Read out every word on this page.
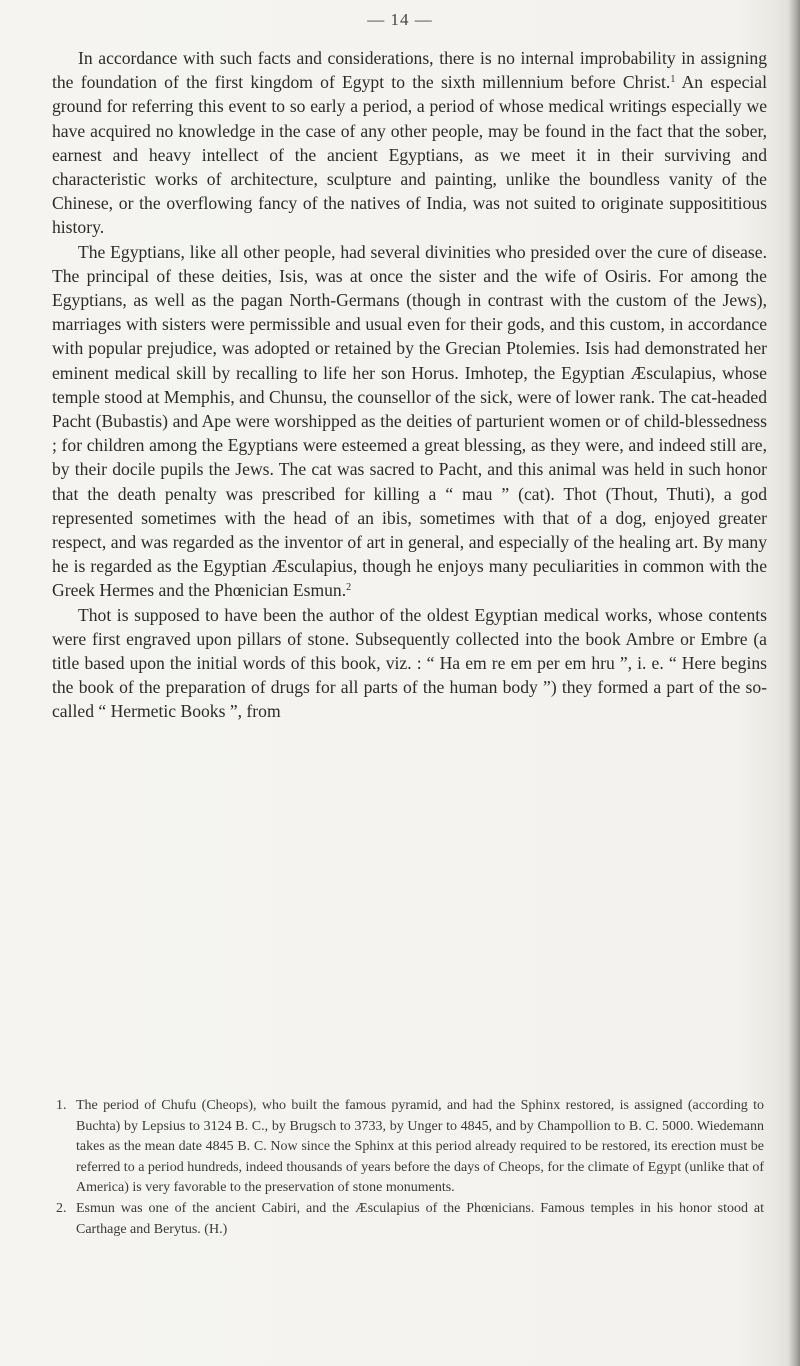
— 14 —

In accordance with such facts and considerations, there is no internal improbability in assigning the foundation of the first kingdom of Egypt to the sixth millennium before Christ.$^1$ An especial ground for referring this event to so early a period, a period of whose medical writings especially we have acquired no knowledge in the case of any other people, may be found in the fact that the sober, earnest and heavy intellect of the ancient Egyptians, as we meet it in their surviving and characteristic works of architecture, sculpture and painting, unlike the boundless vanity of the Chinese, or the overflowing fancy of the natives of India, was not suited to originate supposititious history.

The Egyptians, like all other people, had several divinities who presided over the cure of disease. The principal of these deities, Isis, was at once the sister and the wife of Osiris. For among the Egyptians, as well as the pagan North-Germans (though in contrast with the custom of the Jews), marriages with sisters were permissible and usual even for their gods, and this custom, in accordance with popular prejudice, was adopted or retained by the Grecian Ptolemies. Isis had demonstrated her eminent medical skill by recalling to life her son Horus. Imhotep, the Egyptian Æsculapius, whose temple stood at Memphis, and Chunsu, the counsellor of the sick, were of lower rank. The cat-headed Pacht (Bubastis) and Ape were worshipped as the deities of parturient women or of child-blessedness ; for children among the Egyptians were esteemed a great blessing, as they were, and indeed still are, by their docile pupils the Jews. The cat was sacred to Pacht, and this animal was held in such honor that the death penalty was prescribed for killing a “ mau ” (cat). Thot (Thout, Thuti), a god represented sometimes with the head of an ibis, sometimes with that of a dog, enjoyed greater respect, and was regarded as the inventor of art in general, and especially of the healing art. By many he is regarded as the Egyptian Æsculapius, though he enjoys many peculiarities in common with the Greek Hermes and the Phœnician Esmun.$^2$

Thot is supposed to have been the author of the oldest Egyptian medical works, whose contents were first engraved upon pillars of stone. Subsequently collected into the book Ambre or Embre (a title based upon the initial words of this book, viz. : “ Ha em re em per em hru ”, i. e. “ Here begins the book of the preparation of drugs for all parts of the human body ”) they formed a part of the so-called “ Hermetic Books ”, from

1. The period of Chufu (Cheops), who built the famous pyramid, and had the Sphinx restored, is assigned (according to Buchta) by Lepsius to 3124 B. C., by Brugsch to 3733, by Unger to 4845, and by Champollion to B. C. 5000. Wiedemann takes as the mean date 4845 B. C. Now since the Sphinx at this period already required to be restored, its erection must be referred to a period hundreds, indeed thousands of years before the days of Cheops, for the climate of Egypt (unlike that of America) is very favorable to the preservation of stone monuments.
2. Esmun was one of the ancient Cabiri, and the Æsculapius of the Phœnicians. Famous temples in his honor stood at Carthage and Berytus. (H.)
